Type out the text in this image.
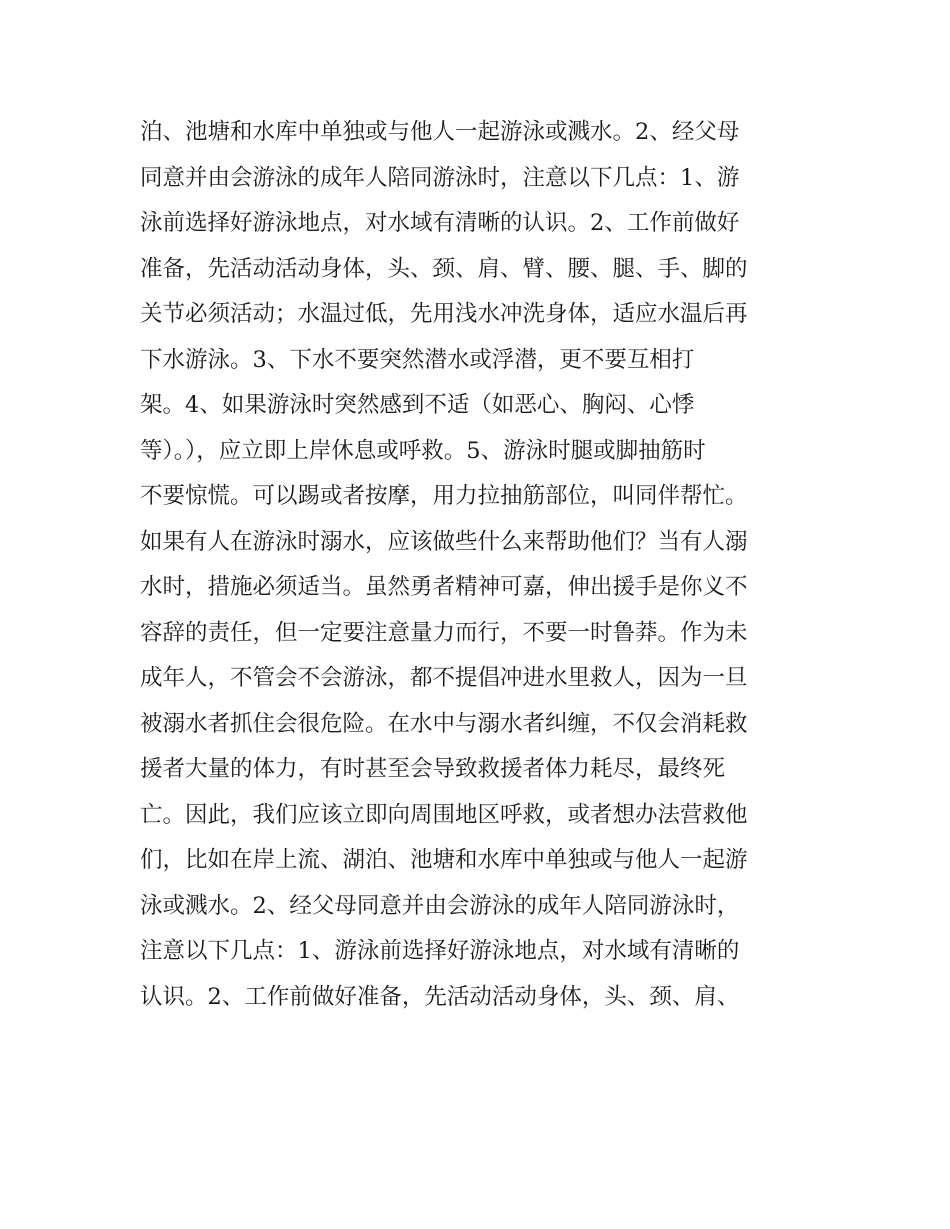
泊、池塘和水库中单独或与他人一起游泳或溅水。2、经父母
同意并由会游泳的成年人陪同游泳时，注意以下几点：1、游
泳前选择好游泳地点，对水域有清晰的认识。2、工作前做好
准备，先活动活动身体，头、颈、肩、臂、腰、腿、手、脚的
关节必须活动；水温过低，先用浅水冲洗身体，适应水温后再
下水游泳。3、下水不要突然潜水或浮潜，更不要互相打
架。4、如果游泳时突然感到不适（如恶心、胸闷、心悸
等）。），应立即上岸休息或呼救。5、游泳时腿或脚抽筋时
不要惊慌。可以踢或者按摩，用力拉抽筋部位，叫同伴帮忙。
如果有人在游泳时溺水，应该做些什么来帮助他们？当有人溺
水时，措施必须适当。虽然勇者精神可嘉，伸出援手是你义不
容辞的责任，但一定要注意量力而行，不要一时鲁莽。作为未
成年人，不管会不会游泳，都不提倡冲进水里救人，因为一旦
被溺水者抓住会很危险。在水中与溺水者纠缠，不仅会消耗救
援者大量的体力，有时甚至会导致救援者体力耗尽，最终死
亡。因此，我们应该立即向周围地区呼救，或者想办法营救他
们，比如在岸上流、湖泊、池塘和水库中单独或与他人一起游
泳或溅水。2、经父母同意并由会游泳的成年人陪同游泳时，
注意以下几点：1、游泳前选择好游泳地点，对水域有清晰的
认识。2、工作前做好准备，先活动活动身体，头、颈、肩、
